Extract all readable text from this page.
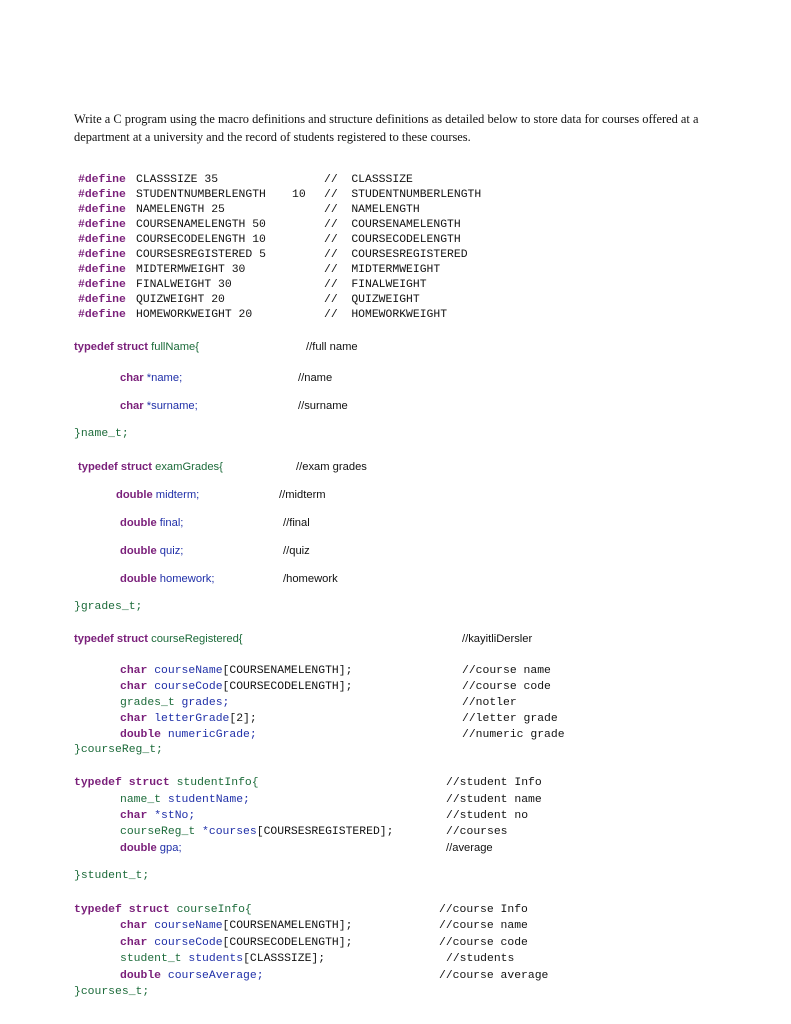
Write a C program using the macro definitions and structure definitions as detailed below to store data for courses offered at a department at a university and the record of students registered to these courses.
#define CLASSSIZE 35	//  CLASSSIZE
#define STUDENTNUMBERLENGTH 10 //  STUDENTNUMBERLENGTH
#define NAMELENGTH 25	//  NAMELENGTH
#define COURSENAMELENGTH 50	//  COURSENAMELENGTH
#define COURSECODELENGTH 10	//  COURSECODELENGTH
#define COURSESREGISTERED 5	//  COURSESREGISTERED
#define MIDTERMWEIGHT 30	//  MIDTERMWEIGHT
#define FINALWEIGHT 30	//  FINALWEIGHT
#define QUIZWEIGHT 20	//  QUIZWEIGHT
#define HOMEWORKWEIGHT 20	//  HOMEWORKWEIGHT
typedef struct fullName{	//full name
char *name;	//name
char *surname;	//surname
}name_t;
typedef struct examGrades{	//exam grades
double midterm;	//midterm
double final;	//final
double quiz;	//quiz
double homework;	/homework
}grades_t;
typedef struct courseRegistered{	//kayitliDersler
char courseName[COURSENAMELENGTH];	//course name
char courseCode[COURSECODELENGTH];	//course code
grades_t grades;	//notler
char letterGrade[2];	//letter grade
double numericGrade;	//numeric grade
}courseReg_t;
typedef struct studentInfo{	//student Info
name_t studentName;	//student name
char *stNo;	//student no
courseReg_t *courses[COURSESREGISTERED];	//courses
double gpa;	//average
}student_t;
typedef struct courseInfo{	//course Info
char courseName[COURSENAMELENGTH];	//course name
char courseCode[COURSECODELENGTH];	//course code
student_t students[CLASSSIZE];	//students
double courseAverage;	//course average
}courses_t;
